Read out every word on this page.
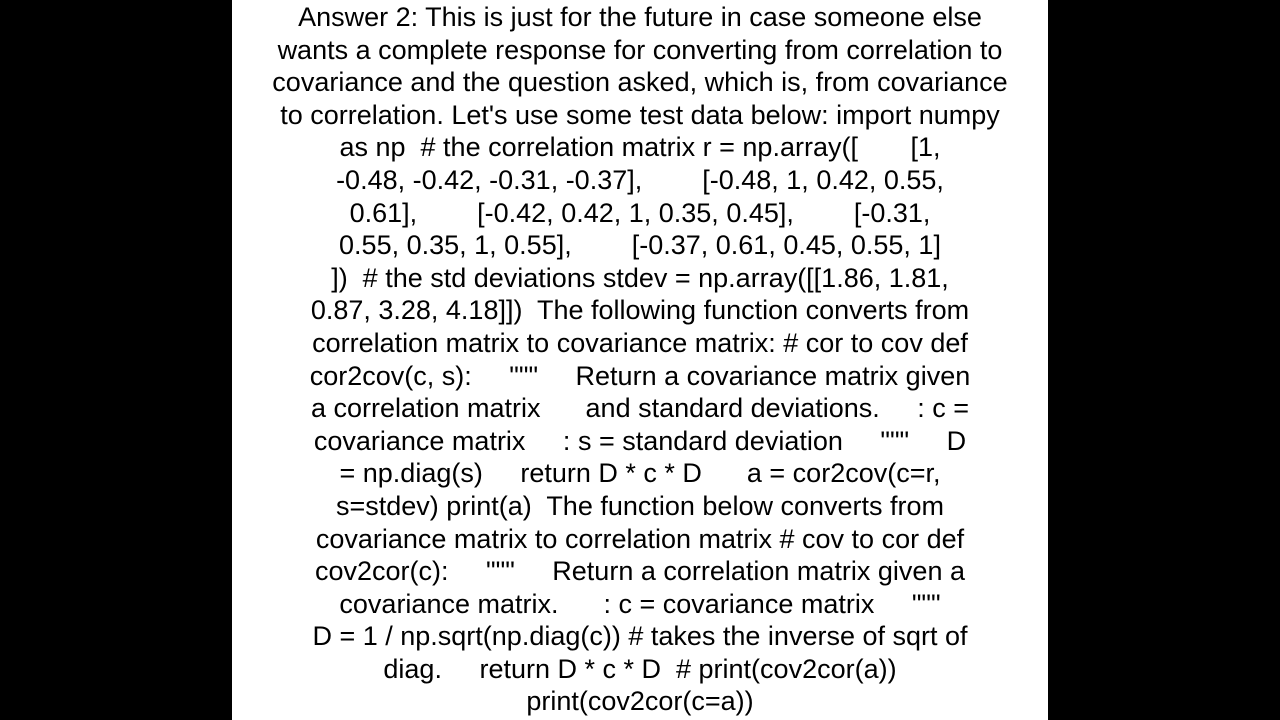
Answer 2: This is just for the future in case someone else
wants a complete response for converting from correlation to
covariance and the question asked, which is, from covariance
to correlation. Let's use some test data below: import numpy
as np  # the correlation matrix r = np.array([       [1,
-0.48, -0.42, -0.31, -0.37],        [-0.48, 1, 0.42, 0.55,
0.61],        [-0.42, 0.42, 1, 0.35, 0.45],        [-0.31,
0.55, 0.35, 1, 0.55],        [-0.37, 0.61, 0.45, 0.55, 1]
])  # the std deviations stdev = np.array([[1.86, 1.81,
0.87, 3.28, 4.18]])  The following function converts from
correlation matrix to covariance matrix: # cor to cov def
cor2cov(c, s):     """     Return a covariance matrix given
a correlation matrix      and standard deviations.     : c =
covariance matrix     : s = standard deviation     """     D
= np.diag(s)     return D * c * D      a = cor2cov(c=r,
s=stdev) print(a)  The function below converts from
covariance matrix to correlation matrix # cov to cor def
cov2cor(c):     """     Return a correlation matrix given a
covariance matrix.      : c = covariance matrix     """
D = 1 / np.sqrt(np.diag(c)) # takes the inverse of sqrt of
diag.     return D * c * D  # print(cov2cor(a))
print(cov2cor(c=a))
